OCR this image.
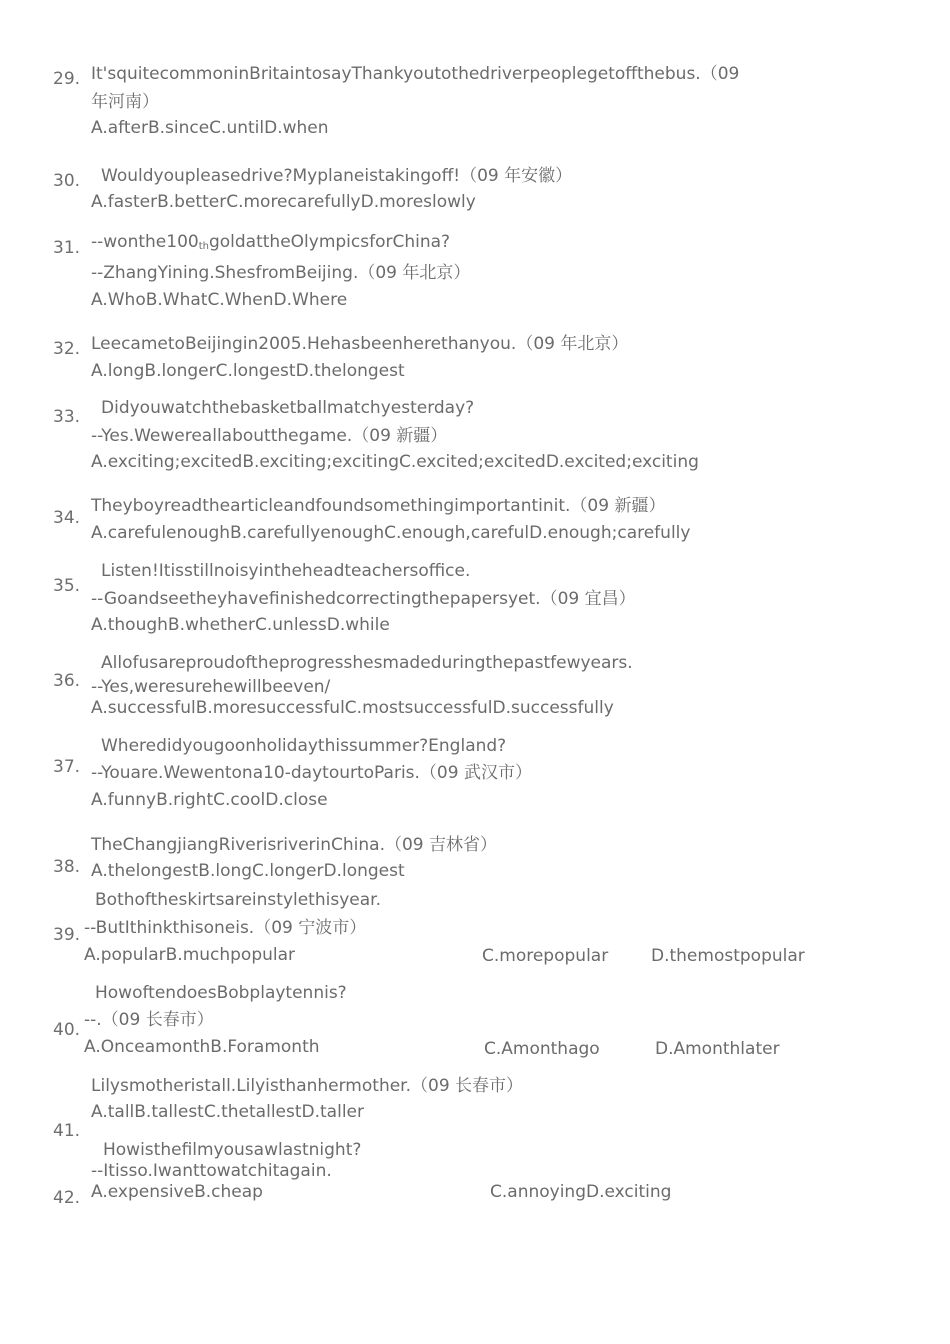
29. It'squitecommoninBritaintosayThankyoutothedriverpeoplegetoffthebus.（09
年河南）
A.afterB.sinceC.untilD.when
30. Wouldyoupleasedrive?Myplaneistakingoff!（09 年安徽）
A.fasterB.betterC.morecarefullyD.moreslowly
31. $--wonthe100_{th}goldattheOlympicsforChina$?
--ZhangYining.ShesfromBeijing.（09 年北京）
A.WhoB.WhatC.WhenD.Where
32. LeecametoBeijingin2005.Hehasbeenherethanyou.（09 年北京）
A.longB.longerC.longestD.thelongest
33. Didyouwatchthebasketballmatchyesterday?
--Yes.Wewereallaboutthegame.（09 新疆）
A.exciting;excitedB.exciting;excitingC.excited;excitedD.excited;exciting
34.
Theyboyreadthearticleandfoundsomethingimportantinit.（09 新疆）
A.carefulenoughB.carefullyenoughC.enough,carefulD.enough;carefully
35.
Listen!Itisstillnoisyintheheadteachersoffice.
--Goandseetheyhavefinishedcorrectingthepapersyet.（09 宜昌）
A.thoughB.whetherC.unlessD.while
36.
Allofusareproudoftheprogresshesmadeduringthepastfewyears.
--Yes,weresurehewillbeeven/
A.successfulB.moresuccessfulC.mostsuccessfulD.successfully
37.
Wheredidyougoonholidaythissummer?England?
--Youare.Wewentona10-daytourtoParis.（09 武汉市）
A.funnyB.rightC.coolD.close
38.
TheChangjiangRiverisriverinChina.（09 吉林省）
A.thelongestB.longC.longerD.longest
39.
Bothoftheskirtsareinstylethisyear.
--ButIthinkthisoneis.（09 宁波市）
A.popularB.muchpopular	C.morepopular	D.themostpopular
40.
HowoftendoesBobplaytennis?
--.（09 长春市）
A.OnceamonthB.Foramonth	C.Amonthago	D.Amonthlater
41.
Lilysmotheristall.Lilyisthanhermother.（09 长春市）
A.tallB.tallestC.thetallestD.taller
42.
Howisthefilmyousawlastnight?
--Itisso.Iwanttowatchitagain.
A.expensiveB.cheap	C.annoyingD.exciting
